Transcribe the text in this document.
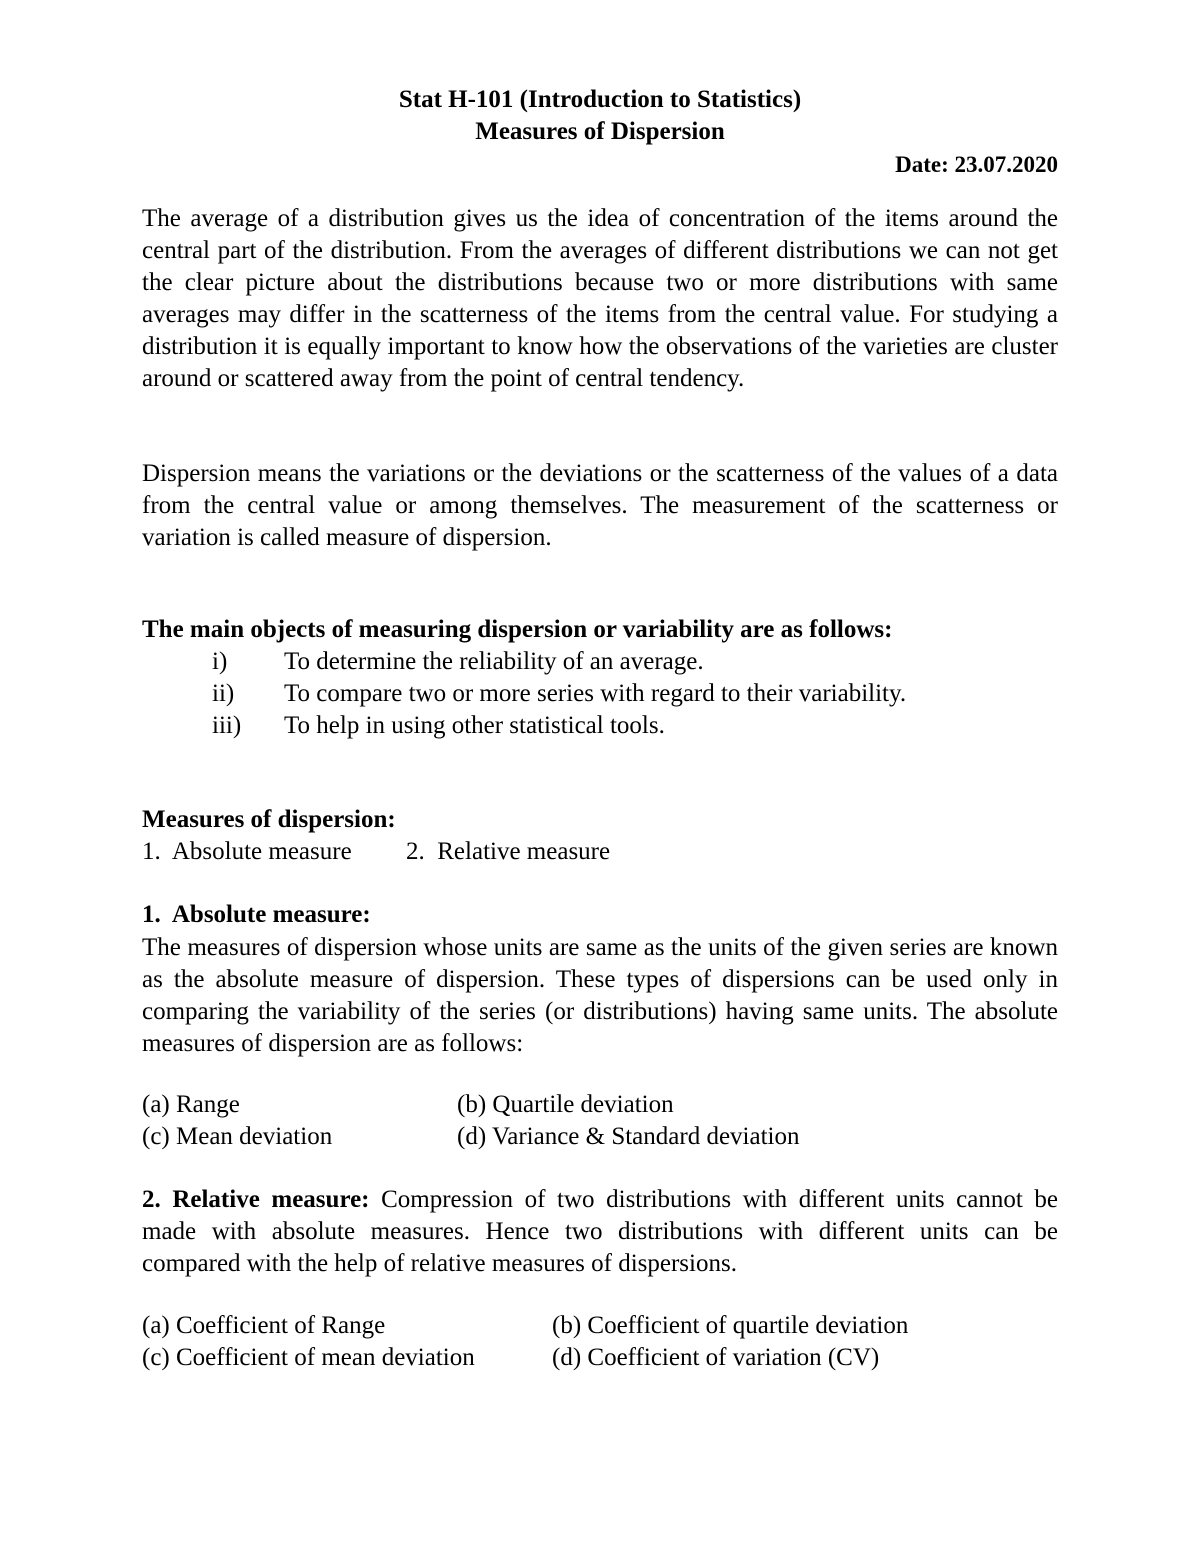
Stat H-101 (Introduction to Statistics)
Measures of Dispersion
Date: 23.07.2020
The average of a distribution gives us the idea of concentration of the items around the central part of the distribution. From the averages of different distributions we can not get the clear picture about the distributions because two or more distributions with same averages may differ in the scatterness of the items from the central value. For studying a distribution it is equally important to know how the observations of the varieties are cluster around or scattered away from the point of central tendency.
Dispersion means the variations or the deviations or the scatterness of the values of a data from the central value or among themselves. The measurement of the scatterness or variation is called measure of dispersion.
The main objects of measuring dispersion or variability are as follows:
i) To determine the reliability of an average.
ii) To compare two or more series with regard to their variability.
iii) To help in using other statistical tools.
Measures of dispersion:
1.  Absolute measure 2.  Relative measure
1.  Absolute measure:
The measures of dispersion whose units are same as the units of the given series are known as the absolute measure of dispersion. These types of dispersions can be used only in comparing the variability of the series (or distributions) having same units. The absolute measures of dispersion are as follows:
(a) Range	(b) Quartile deviation
(c) Mean deviation	(d) Variance & Standard deviation
2. Relative measure: Compression of two distributions with different units cannot be made with absolute measures. Hence two distributions with different units can be compared with the help of relative measures of dispersions.
(a) Coefficient of Range	(b) Coefficient of quartile deviation
(c) Coefficient of mean deviation	(d) Coefficient of variation (CV)
